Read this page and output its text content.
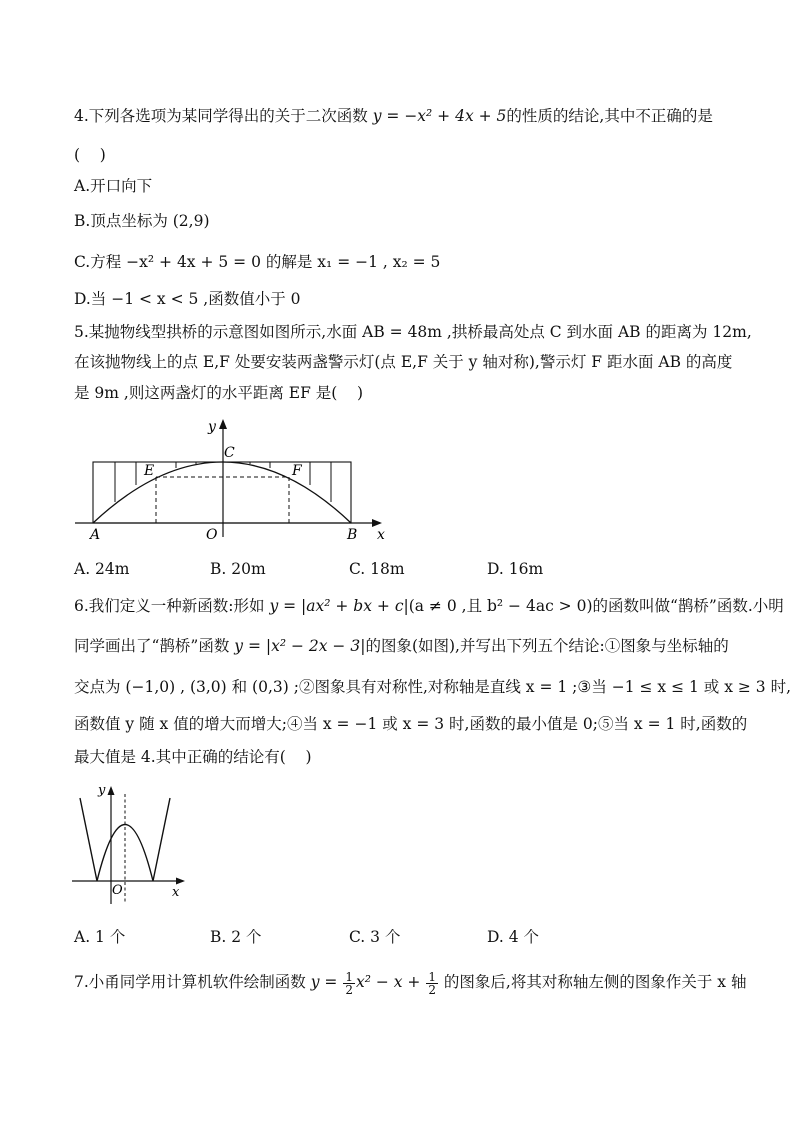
4.下列各选项为某同学得出的关于二次函数 y = −x² + 4x + 5的性质的结论,其中不正确的是
(    )
A.开口向下
B.顶点坐标为 (2,9)
C.方程 −x² + 4x + 5 = 0 的解是 x₁ = −1 , x₂ = 5
D.当 −1 < x < 5 ,函数值小于 0
5.某抛物线型拱桥的示意图如图所示,水面 AB = 48m ,拱桥最高处点 C 到水面 AB 的距离为 12m,
在该抛物线上的点 E,F 处要安装两盏警示灯(点 E,F 关于 y 轴对称),警示灯 F 距水面 AB 的高度
是 9m ,则这两盏灯的水平距离 EF 是(    )
y
x
C
E	F
A	O	B
A. 24m	B. 20m	C. 18m	D. 16m
6.我们定义一种新函数:形如 y = |ax² + bx + c|(a ≠ 0 ,且 b² − 4ac > 0)的函数叫做“鹊桥”函数.小明
同学画出了“鹊桥”函数 y = |x² − 2x − 3|的图象(如图),并写出下列五个结论:①图象与坐标轴的
交点为 (−1,0) , (3,0) 和 (0,3) ;②图象具有对称性,对称轴是直线 x = 1 ;③当 −1 ≤ x ≤ 1 或 x ≥ 3 时,
函数值 y 随 x 值的增大而增大;④当 x = −1 或 x = 3 时,函数的最小值是 0;⑤当 x = 1 时,函数的
最大值是 4.其中正确的结论有(    )
y
x
O
A. 1 个	B. 2 个	C. 3 个	D. 4 个
7.小甬同学用计算机软件绘制函数 $y = \frac{1}{2} x^2 - x + \frac{1}{2}$ 的图象后,将其对称轴左侧的图象作关于 x 轴
